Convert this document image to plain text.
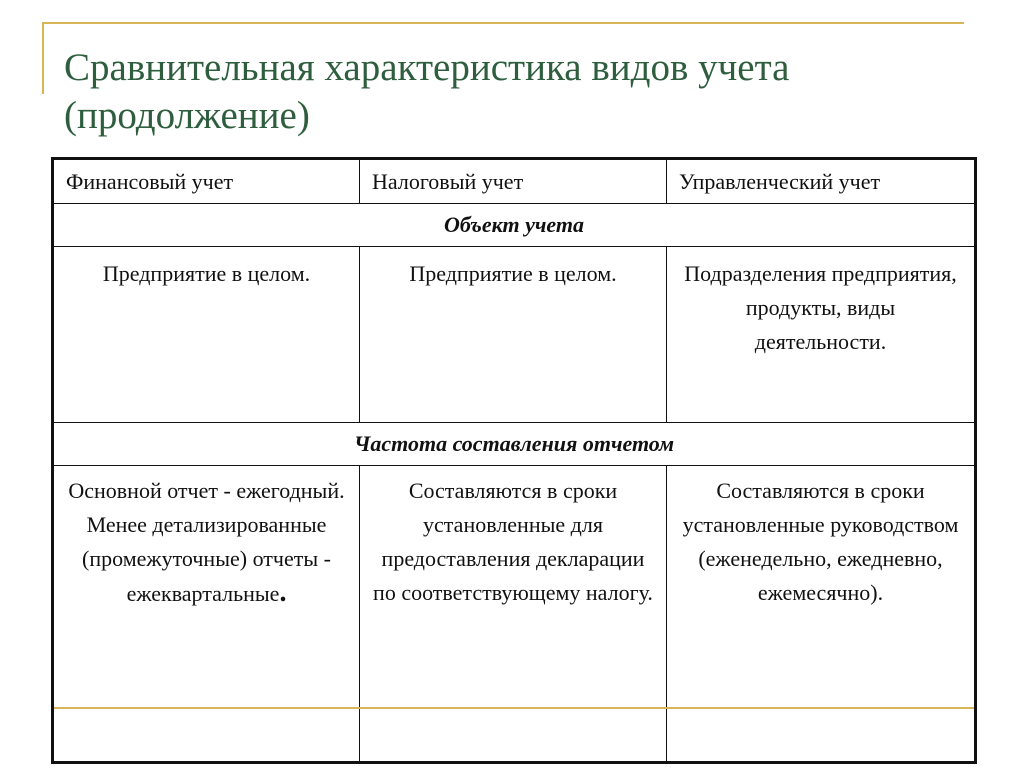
Сравнительная характеристика видов учета (продолжение)
Финансовый учет	Налоговый учет	Управленческий учет
Объект учета		
Предприятие в целом.	Предприятие в целом.	Подразделения предприятия, продукты, виды деятельности.
Частота составления отчетом		
Основной отчет - ежегодный. Менее детализированные (промежуточные) отчеты - ежеквартальные.	Составляются в сроки установленные для предоставления декларации по соответствующему налогу.	Составляются в сроки установленные руководством (еженедельно, ежедневно, ежемесячно).
